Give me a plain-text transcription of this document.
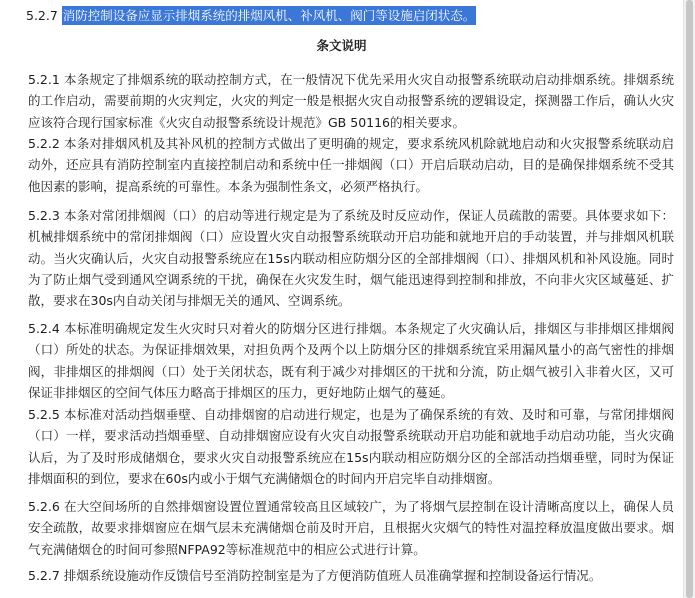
5.2.7 消防控制设备应显示排烟系统的排烟风机、补风机、阀门等设施启闭状态。
条文说明
5.2.1 本条规定了排烟系统的联动控制方式，在一般情况下优先采用火灾自动报警系统联动启动排烟系统。排烟系统的工作启动，需要前期的火灾判定，火灾的判定一般是根据火灾自动报警系统的逻辑设定，探测器工作后，确认火灾应该符合现行国家标准《火灾自动报警系统设计规范》GB 50116的相关要求。
5.2.2 本条对排烟风机及其补风机的控制方式做出了更明确的规定，要求系统风机除就地启动和火灾报警系统联动启动外，还应具有消防控制室内直接控制启动和系统中任一排烟阀（口）开启后联动启动，目的是确保排烟系统不受其他因素的影响，提高系统的可靠性。本条为强制性条文，必须严格执行。
5.2.3 本条对常闭排烟阀（口）的启动等进行规定是为了系统及时反应动作，保证人员疏散的需要。具体要求如下：机械排烟系统中的常闭排烟阀（口）应设置火灾自动报警系统联动开启功能和就地开启的手动装置，并与排烟风机联动。当火灾确认后，火灾自动报警系统应在15s内联动相应防烟分区的全部排烟阀（口）、排烟风机和补风设施。同时为了防止烟气受到通风空调系统的干扰，确保在火灾发生时，烟气能迅速得到控制和排放，不向非火灾区域蔓延、扩散，要求在30s内自动关闭与排烟无关的通风、空调系统。
5.2.4 本标准明确规定发生火灾时只对着火的防烟分区进行排烟。本条规定了火灾确认后，排烟区与非排烟区排烟阀（口）所处的状态。为保证排烟效果，对担负两个及两个以上防烟分区的排烟系统宜采用漏风量小的高气密性的排烟阀，非排烟区的排烟阀（口）处于关闭状态，既有利于减少对排烟区的干扰和分流，防止烟气被引入非着火区，又可保证非排烟区的空间气体压力略高于排烟区的压力，更好地防止烟气的蔓延。
5.2.5 本标准对活动挡烟垂壁、自动排烟窗的启动进行规定，也是为了确保系统的有效、及时和可靠，与常闭排烟阀（口）一样，要求活动挡烟垂壁、自动排烟窗应设有火灾自动报警系统联动开启功能和就地手动启动功能，当火灾确认后，为了及时形成储烟仓，要求火灾自动报警系统应在15s内联动相应防烟分区的全部活动挡烟垂壁，同时为保证排烟面积的到位，要求在60s内或小于烟气充满储烟仓的时间内开启完毕自动排烟窗。
5.2.6 在大空间场所的自然排烟窗设置位置通常较高且区域较广，为了将烟气层控制在设计清晰高度以上，确保人员安全疏散，故要求排烟窗应在烟气层未充满储烟仓前及时开启，且根据火灾烟气的特性对温控释放温度做出要求。烟气充满储烟仓的时间可参照NFPA92等标准规范中的相应公式进行计算。
5.2.7 排烟系统设施动作反馈信号至消防控制室是为了方便消防值班人员准确掌握和控制设备运行情况。
